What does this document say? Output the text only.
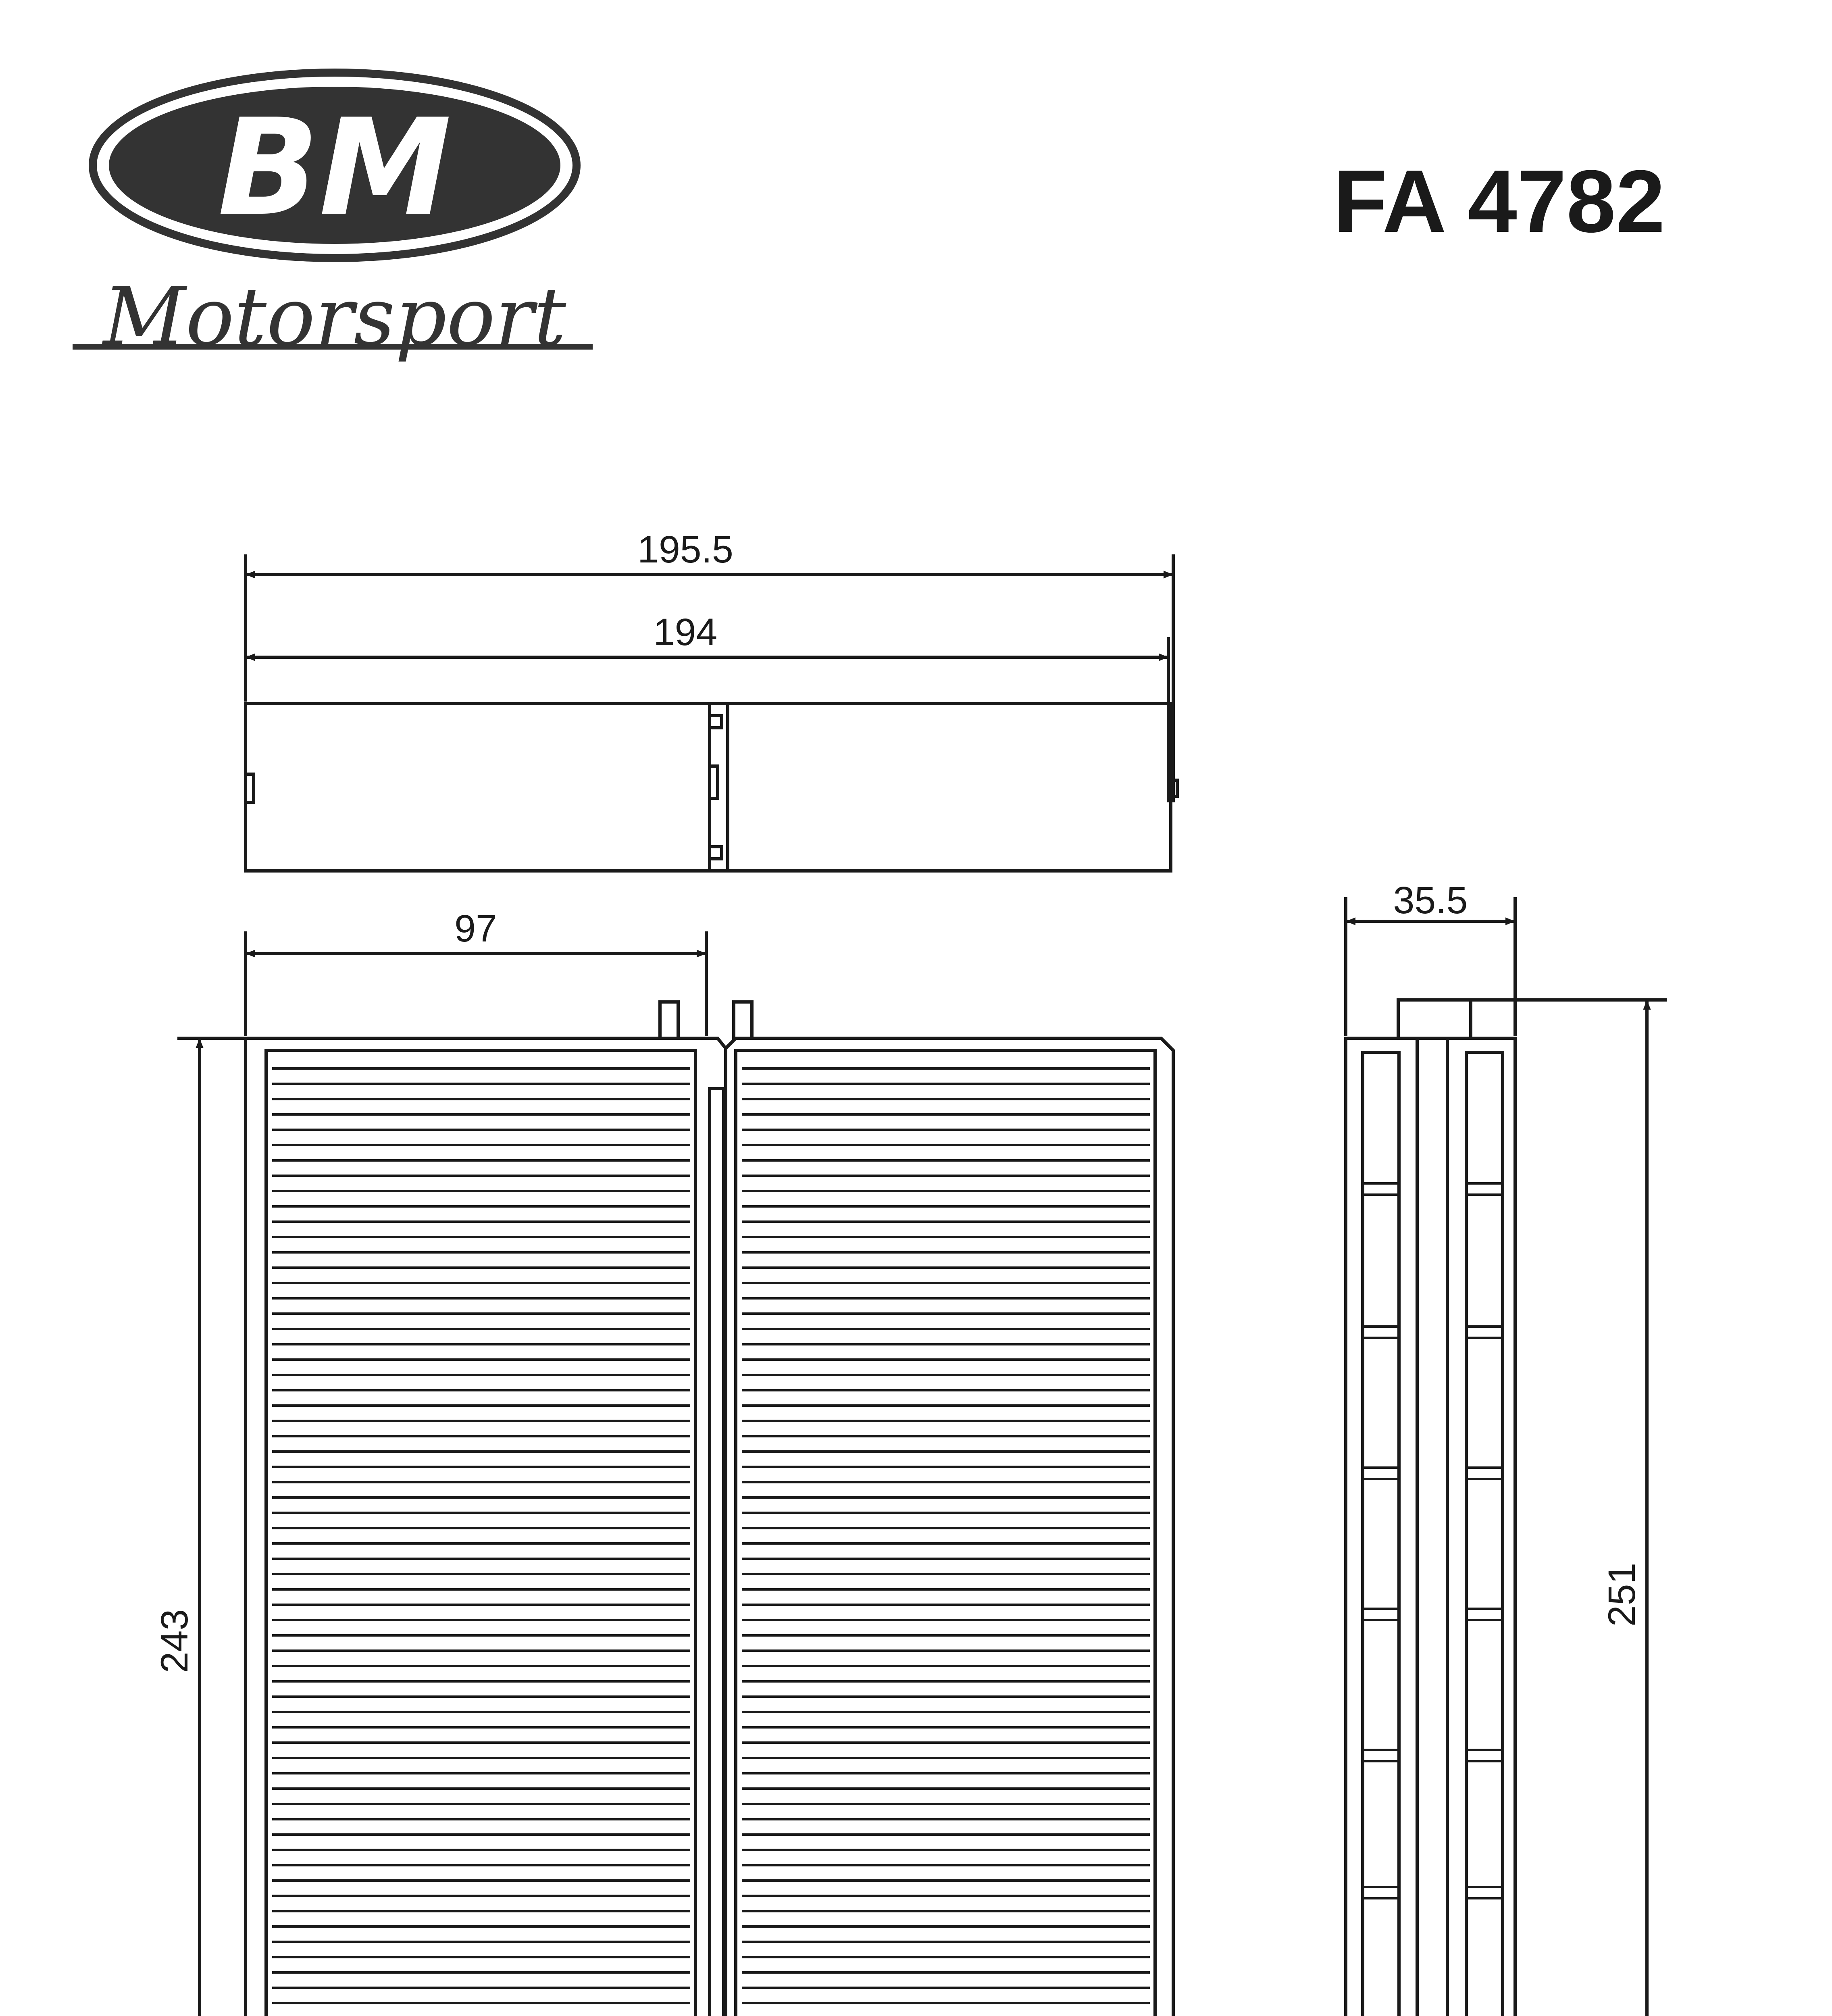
BM
Motorsport
FA 4782
195.5
194
97
243
35.5
251
